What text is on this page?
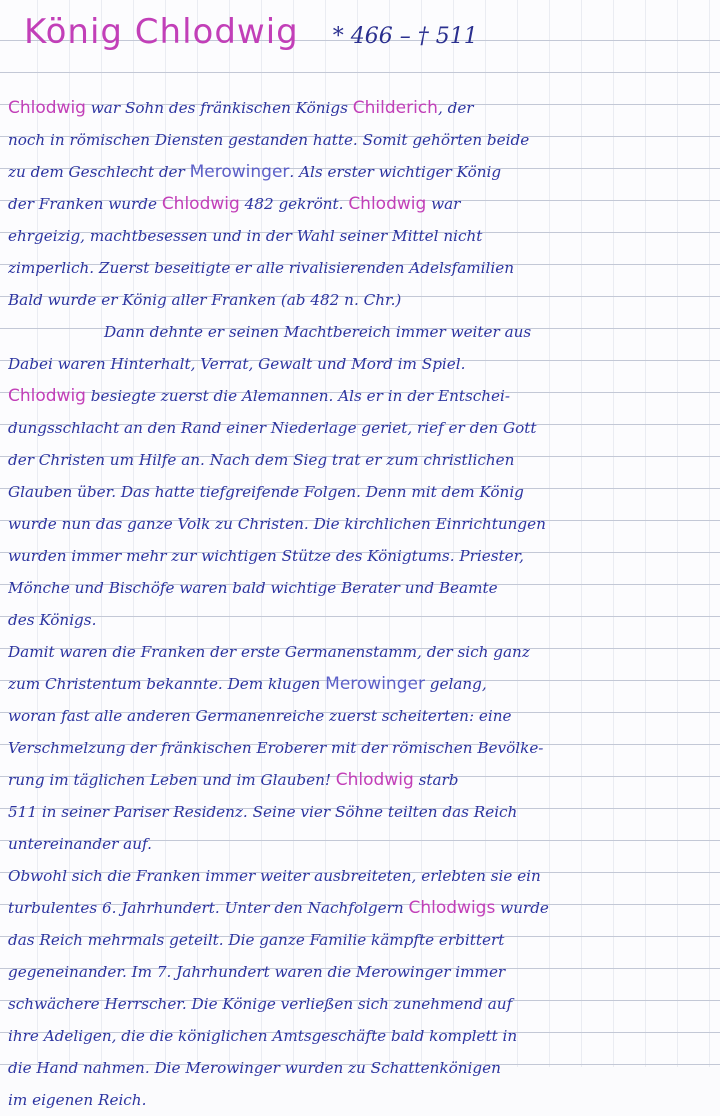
König Chlodwig * 466 – † 511
Chlodwig war Sohn des fränkischen Königs Childerich, der
noch in römischen Diensten gestanden hatte. Somit gehörten beide
zu dem Geschlecht der Merowinger. Als erster wichtiger König
der Franken wurde Chlodwig 482 gekrönt. Chlodwig war
ehrgeizig, machtbesessen und in der Wahl seiner Mittel nicht
zimperlich. Zuerst beseitigte er alle rivalisierenden Adelsfamilien
Bald wurde er König aller Franken (ab 482 n. Chr.)
Dann dehnte er seinen Machtbereich immer weiter aus
Dabei waren Hinterhalt, Verrat, Gewalt und Mord im Spiel.
Chlodwig besiegte zuerst die Alemannen. Als er in der Entschei-
dungsschlacht an den Rand einer Niederlage geriet, rief er den Gott
der Christen um Hilfe an. Nach dem Sieg trat er zum christlichen
Glauben über. Das hatte tiefgreifende Folgen. Denn mit dem König
wurde nun das ganze Volk zu Christen. Die kirchlichen Einrichtungen
wurden immer mehr zur wichtigen Stütze des Königtums. Priester,
Mönche und Bischöfe waren bald wichtige Berater und Beamte
des Königs.
Damit waren die Franken der erste Germanenstamm, der sich ganz
zum Christentum bekannte. Dem klugen Merowinger gelang,
woran fast alle anderen Germanenreiche zuerst scheiterten: eine
Verschmelzung der fränkischen Eroberer mit der römischen Bevölke-
rung im täglichen Leben und im Glauben! Chlodwig starb
511 in seiner Pariser Residenz. Seine vier Söhne teilten das Reich
untereinander auf.
Obwohl sich die Franken immer weiter ausbreiteten, erlebten sie ein
turbulentes 6. Jahrhundert. Unter den Nachfolgern Chlodwigs wurde
das Reich mehrmals geteilt. Die ganze Familie kämpfte erbittert
gegeneinander. Im 7. Jahrhundert waren die Merowinger immer
schwächere Herrscher. Die Könige verließen sich zunehmend auf
ihre Adeligen, die die königlichen Amtsgeschäfte bald komplett in
die Hand nahmen. Die Merowinger wurden zu Schattenkönigen
im eigenen Reich.
